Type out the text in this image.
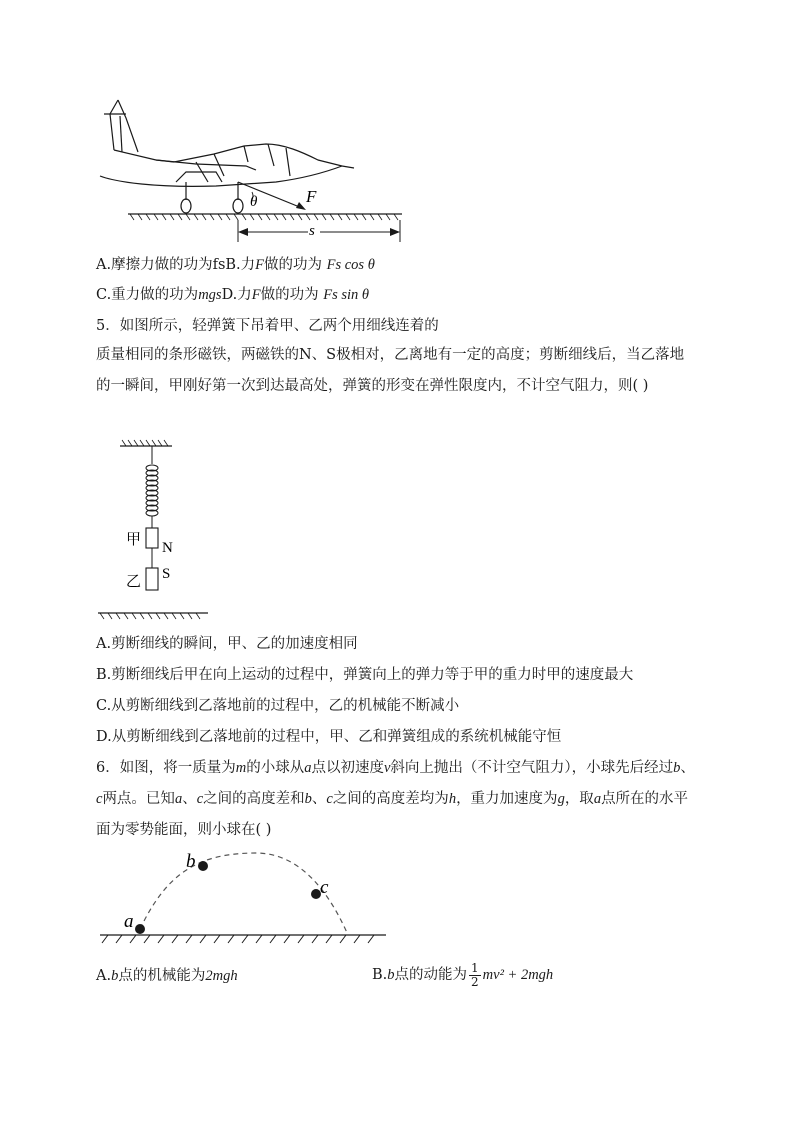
θ	F
s
A.摩擦力做的功为fsB.力F做的功为 Fs cos θ
C.重力做的功为mgsD.力F做的功为 Fs sin θ
5．如图所示，轻弹簧下吊着甲、乙两个用细线连着的
质量相同的条形磁铁，两磁铁的N、S极相对，乙离地有一定的高度；剪断细线后，当乙落地的一瞬间，甲刚好第一次到达最高处，弹簧的形变在弹性限度内，不计空气阻力，则( )
甲 N
S
乙
A.剪断细线的瞬间，甲、乙的加速度相同
B.剪断细线后甲在向上运动的过程中，弹簧向上的弹力等于甲的重力时甲的速度最大
C.从剪断细线到乙落地前的过程中，乙的机械能不断减小
D.从剪断细线到乙落地前的过程中，甲、乙和弹簧组成的系统机械能守恒
6．如图，将一质量为m的小球从a点以初速度v斜向上抛出（不计空气阻力），小球先后经过b、c两点。已知a、c之间的高度差和b、c之间的高度差均为h，重力加速度为g，取a点所在的水平面为零势能面，则小球在( )
a
b
c
A.b点的机械能为2mgh	B.b点的动能为 $\frac{1}{2} mv^2 + 2mgh$
